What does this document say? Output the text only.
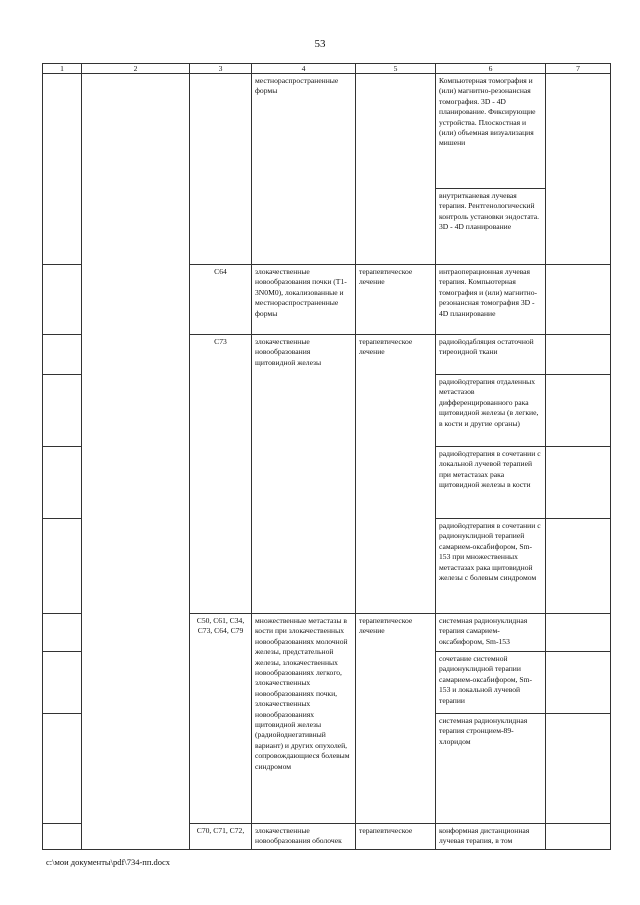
53
1	2	3	4	5	6	7
			местнораспространенные формы		Компьютерная томография и (или) магнитно-резонансная томография. 3D - 4D планирование. Фиксирующие устройства. Плоскостная и (или) объемная визуализация мишени	
					внутритканевая лучевая терапия. Рентгенологический контроль установки эндостата. 3D - 4D планирование	
		C64	злокачественные новообразования почки (T1-3N0M0), локализованные и местнораспространенные формы	терапевтическое лечение	интраоперационная лучевая терапия. Компьютерная томография и (или) магнитно-резонансная томография 3D - 4D планирование	
		C73	злокачественные новообразования щитовидной железы	терапевтическое лечение	радиойодабляция остаточной тиреоидной ткани	
					радиойодтерапия отдаленных метастазов дифференцированного рака щитовидной железы (в легкие, в кости и другие органы)	
					радиойодтерапия в сочетании с локальной лучевой терапией при метастазах рака щитовидной железы в кости	
					радиойодтерапия в сочетании с радионуклидной терапией самарием-оксабифором, Sm-153 при множественных метастазах рака щитовидной железы с болевым синдромом	
		C50, C61, C34, C73, C64, C79	множественные метастазы в кости при злокачественных новообразованиях молочной железы, предстательной железы, злокачественных новообразованиях легкого, злокачественных новообразованиях почки, злокачественных новообразованиях щитовидной железы (радиойоднегативный вариант) и других опухолей, сопровождающиеся болевым синдромом	терапевтическое лечение	системная радионуклидная терапия самарием-оксабифором, Sm-153	
					сочетание системной радионуклидной терапии самарием-оксабифором, Sm-153 и локальной лучевой терапии	
					системная радионуклидная терапия стронцием-89-хлоридом	
		C70, C71, C72,	злокачественные новообразования оболочек	терапевтическое	конформная дистанционная лучевая терапия, в том	
c:\мои документы\pdf\734-пп.docx
